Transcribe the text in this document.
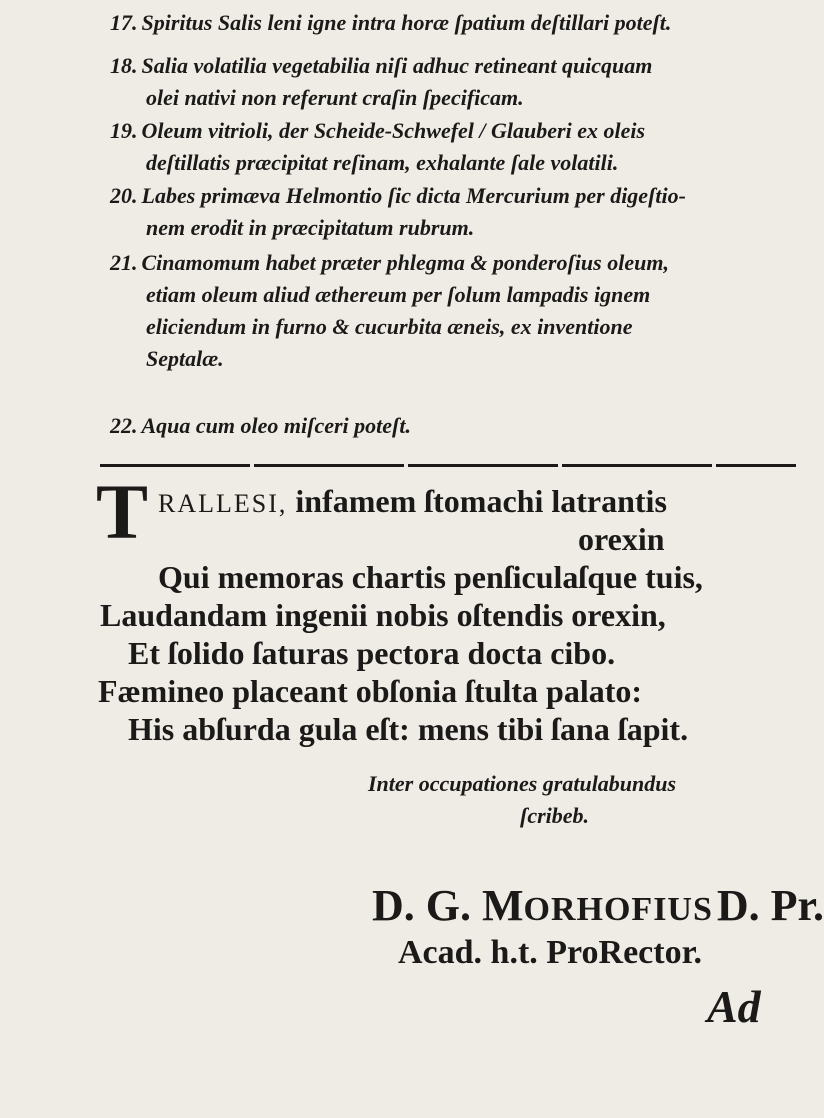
17. Spiritus Salis leni igne intra horæ ſpatium deſtillari poteſt.
18. Salia volatilia vegetabilia niſi adhuc retineant quicquam
olei nativi non referunt craſin ſpecificam.
19. Oleum vitrioli, der Scheide-Schwefel / Glauberi ex oleis
deſtillatis præcipitat reſinam, exhalante ſale volatili.
20. Labes primæva Helmontio ſic dicta Mercurium per digeſtio-
nem erodit in præcipitatum rubrum.
21. Cinamomum habet præter phlegma & ponderoſius oleum,
etiam oleum aliud æthereum per ſolum lampadis ignem
eliciendum in furno & cucurbita æneis, ex inventione
Septalæ.
22. Aqua cum oleo miſceri poteſt.
T RALLESI, infamem ſtomachi latrantis
orexin
Qui memoras chartis penſiculaſque tuis,
Laudandam ingenii nobis oſtendis orexin,
Et ſolido ſaturas pectora docta cibo.
Fæmineo placeant obſonia ſtulta palato:
His abſurda gula eſt: mens tibi ſana ſapit.
Inter occupationes gratulabundus
ſcribeb.
D. G. MORHOFIUS D. Pr.
Acad. h.t. ProRector.
Ad
